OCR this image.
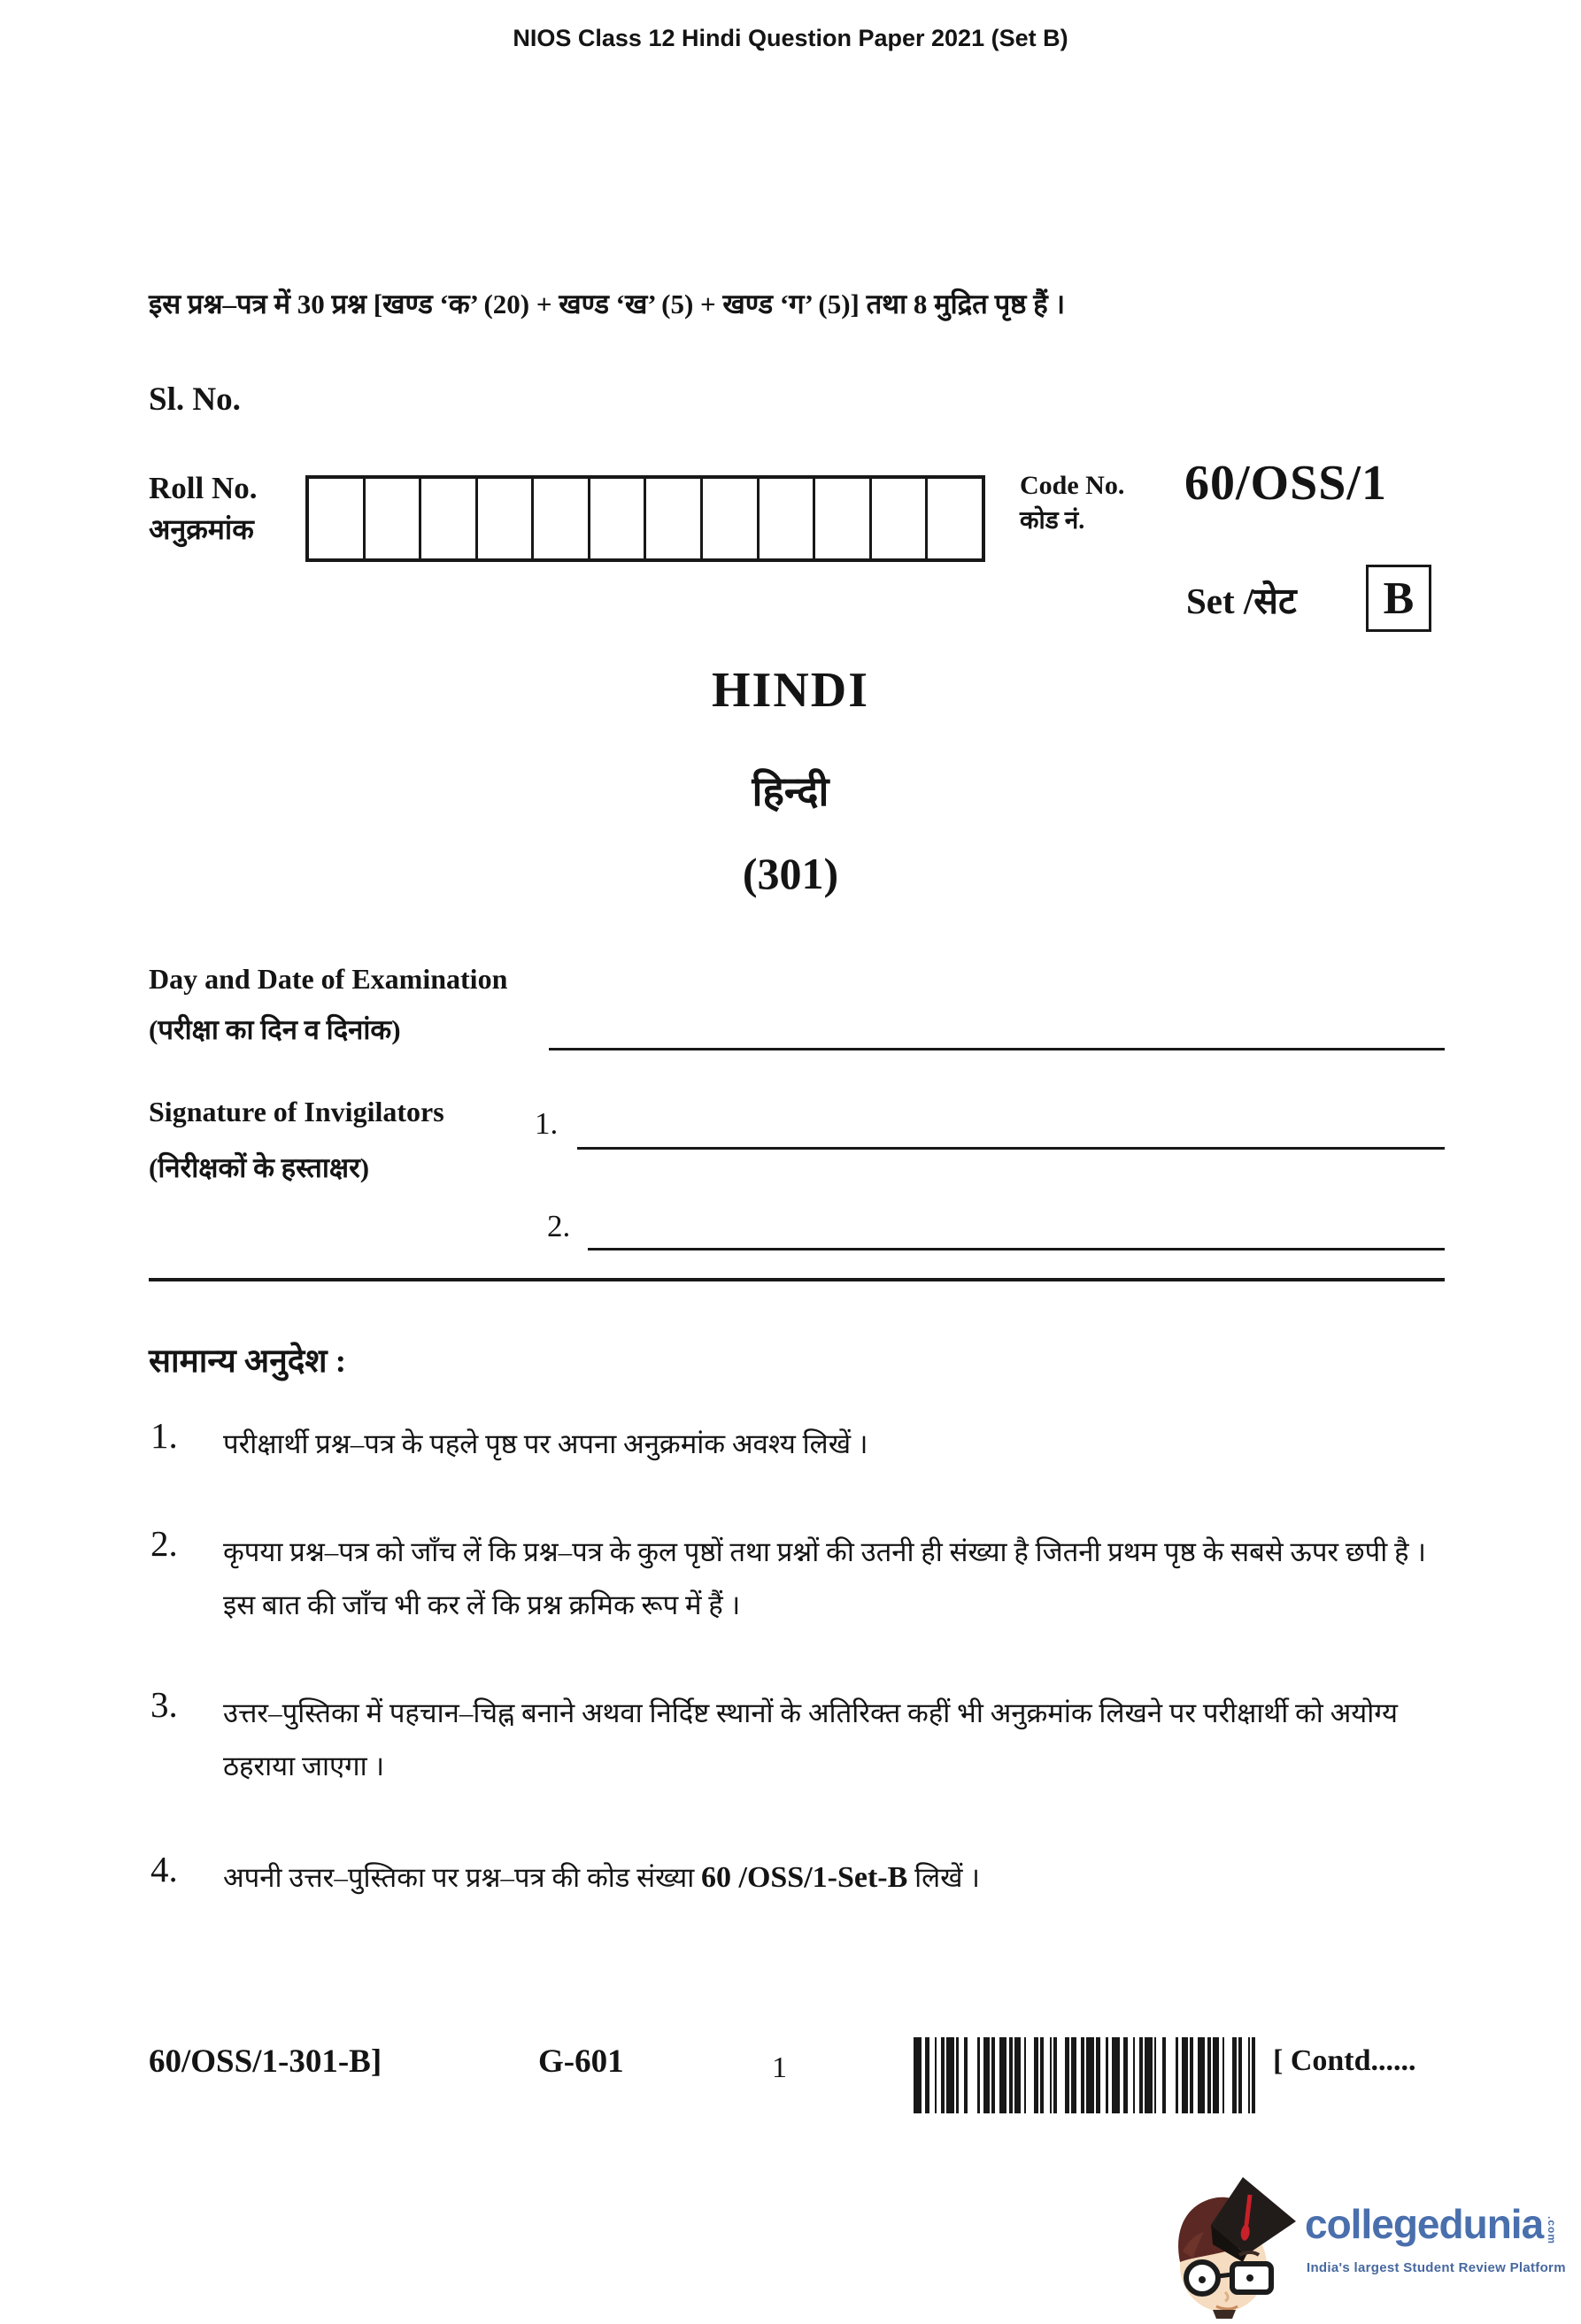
NIOS Class 12 Hindi Question Paper 2021 (Set B)
इस प्रश्न–पत्र में 30 प्रश्न [खण्ड ‘क’ (20) + खण्ड ‘ख’ (5) + खण्ड ‘ग’ (5)] तथा 8 मुद्रित पृष्ठ हैं ।
Sl. No.
Roll No.
अनुक्रमांक
Code No.
कोड नं.
60/OSS/1
Set /सेट	B
HINDI
हिन्दी
(301)
Day and Date of Examination
(परीक्षा का दिन व दिनांक)
Signature of Invigilators
(निरीक्षकों के हस्ताक्षर)
1.
2.
सामान्य अनुदेश :
1. परीक्षार्थी प्रश्न–पत्र के पहले पृष्ठ पर अपना अनुक्रमांक अवश्य लिखें ।
2. कृपया प्रश्न–पत्र को जाँच लें कि प्रश्न–पत्र के कुल पृष्ठों तथा प्रश्नों की उतनी ही संख्या है जितनी प्रथम पृष्ठ के सबसे ऊपर छपी है । इस बात की जाँच भी कर लें कि प्रश्न क्रमिक रूप में हैं ।
3. उत्तर–पुस्तिका में पहचान–चिह्न बनाने अथवा निर्दिष्ट स्थानों के अतिरिक्त कहीं भी अनुक्रमांक लिखने पर परीक्षार्थी को अयोग्य ठहराया जाएगा ।
4. अपनी उत्तर–पुस्तिका पर प्रश्न–पत्र की कोड संख्या 60 /OSS/1-Set-B लिखें ।
60/OSS/1-301-B]	G-601	1	[ Contd......
collegedunia .com
India's largest Student Review Platform
